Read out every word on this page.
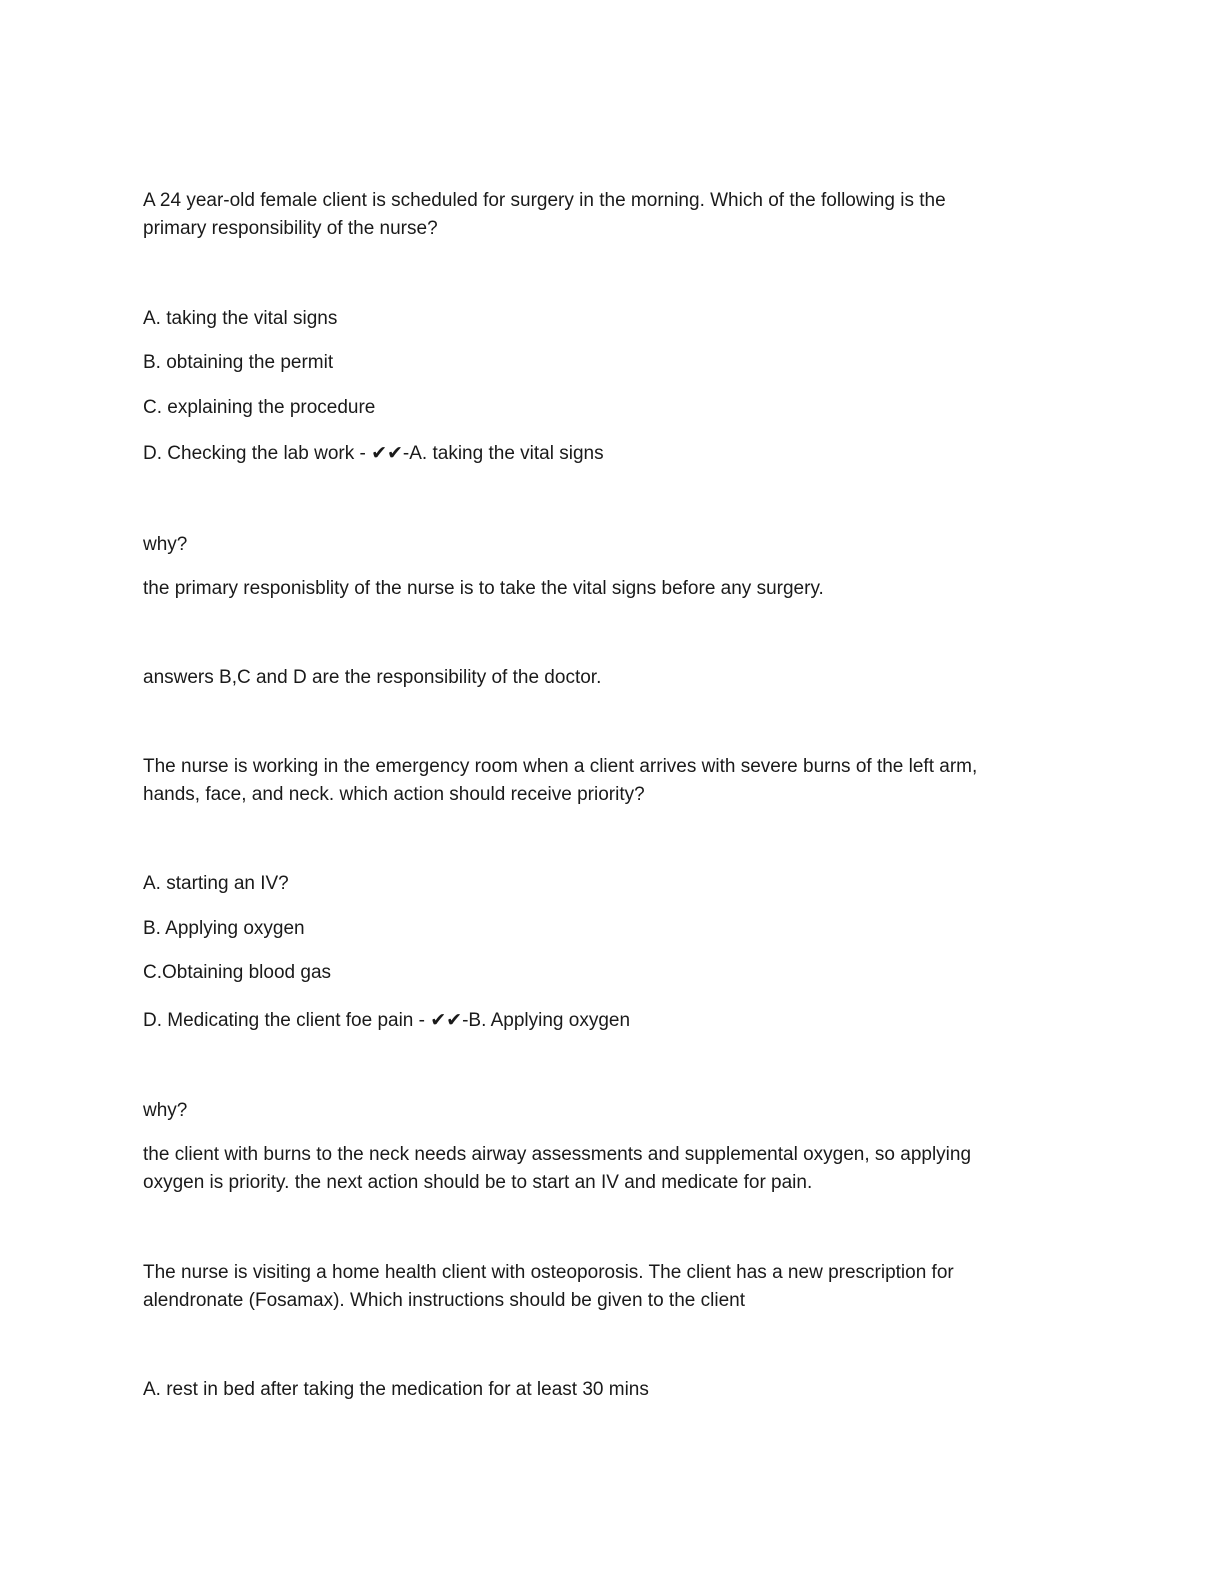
A 24 year-old female client is scheduled for surgery in the morning. Which of the following is the

primary responsibility of the nurse?

A. taking the vital signs

B. obtaining the permit

C. explaining the procedure

D. Checking the lab work - ✔✔-A. taking the vital signs

why?

the primary responisblity of the nurse is to take the vital signs before any surgery.

answers B,C and D are the responsibility of the doctor.

The nurse is working in the emergency room when a client arrives with severe burns of the left arm,

hands, face, and neck. which action should receive priority?

A. starting an IV?

B. Applying oxygen

C.Obtaining blood gas

D. Medicating the client foe pain - ✔✔-B. Applying oxygen

why?

the client with burns to the neck needs airway assessments and supplemental oxygen, so applying

oxygen is priority. the next action should be to start an IV and medicate for pain.

The nurse is visiting a home health client with osteoporosis. The client has a new prescription for

alendronate (Fosamax). Which instructions should be given to the client

A. rest in bed after taking the medication for at least 30 mins
